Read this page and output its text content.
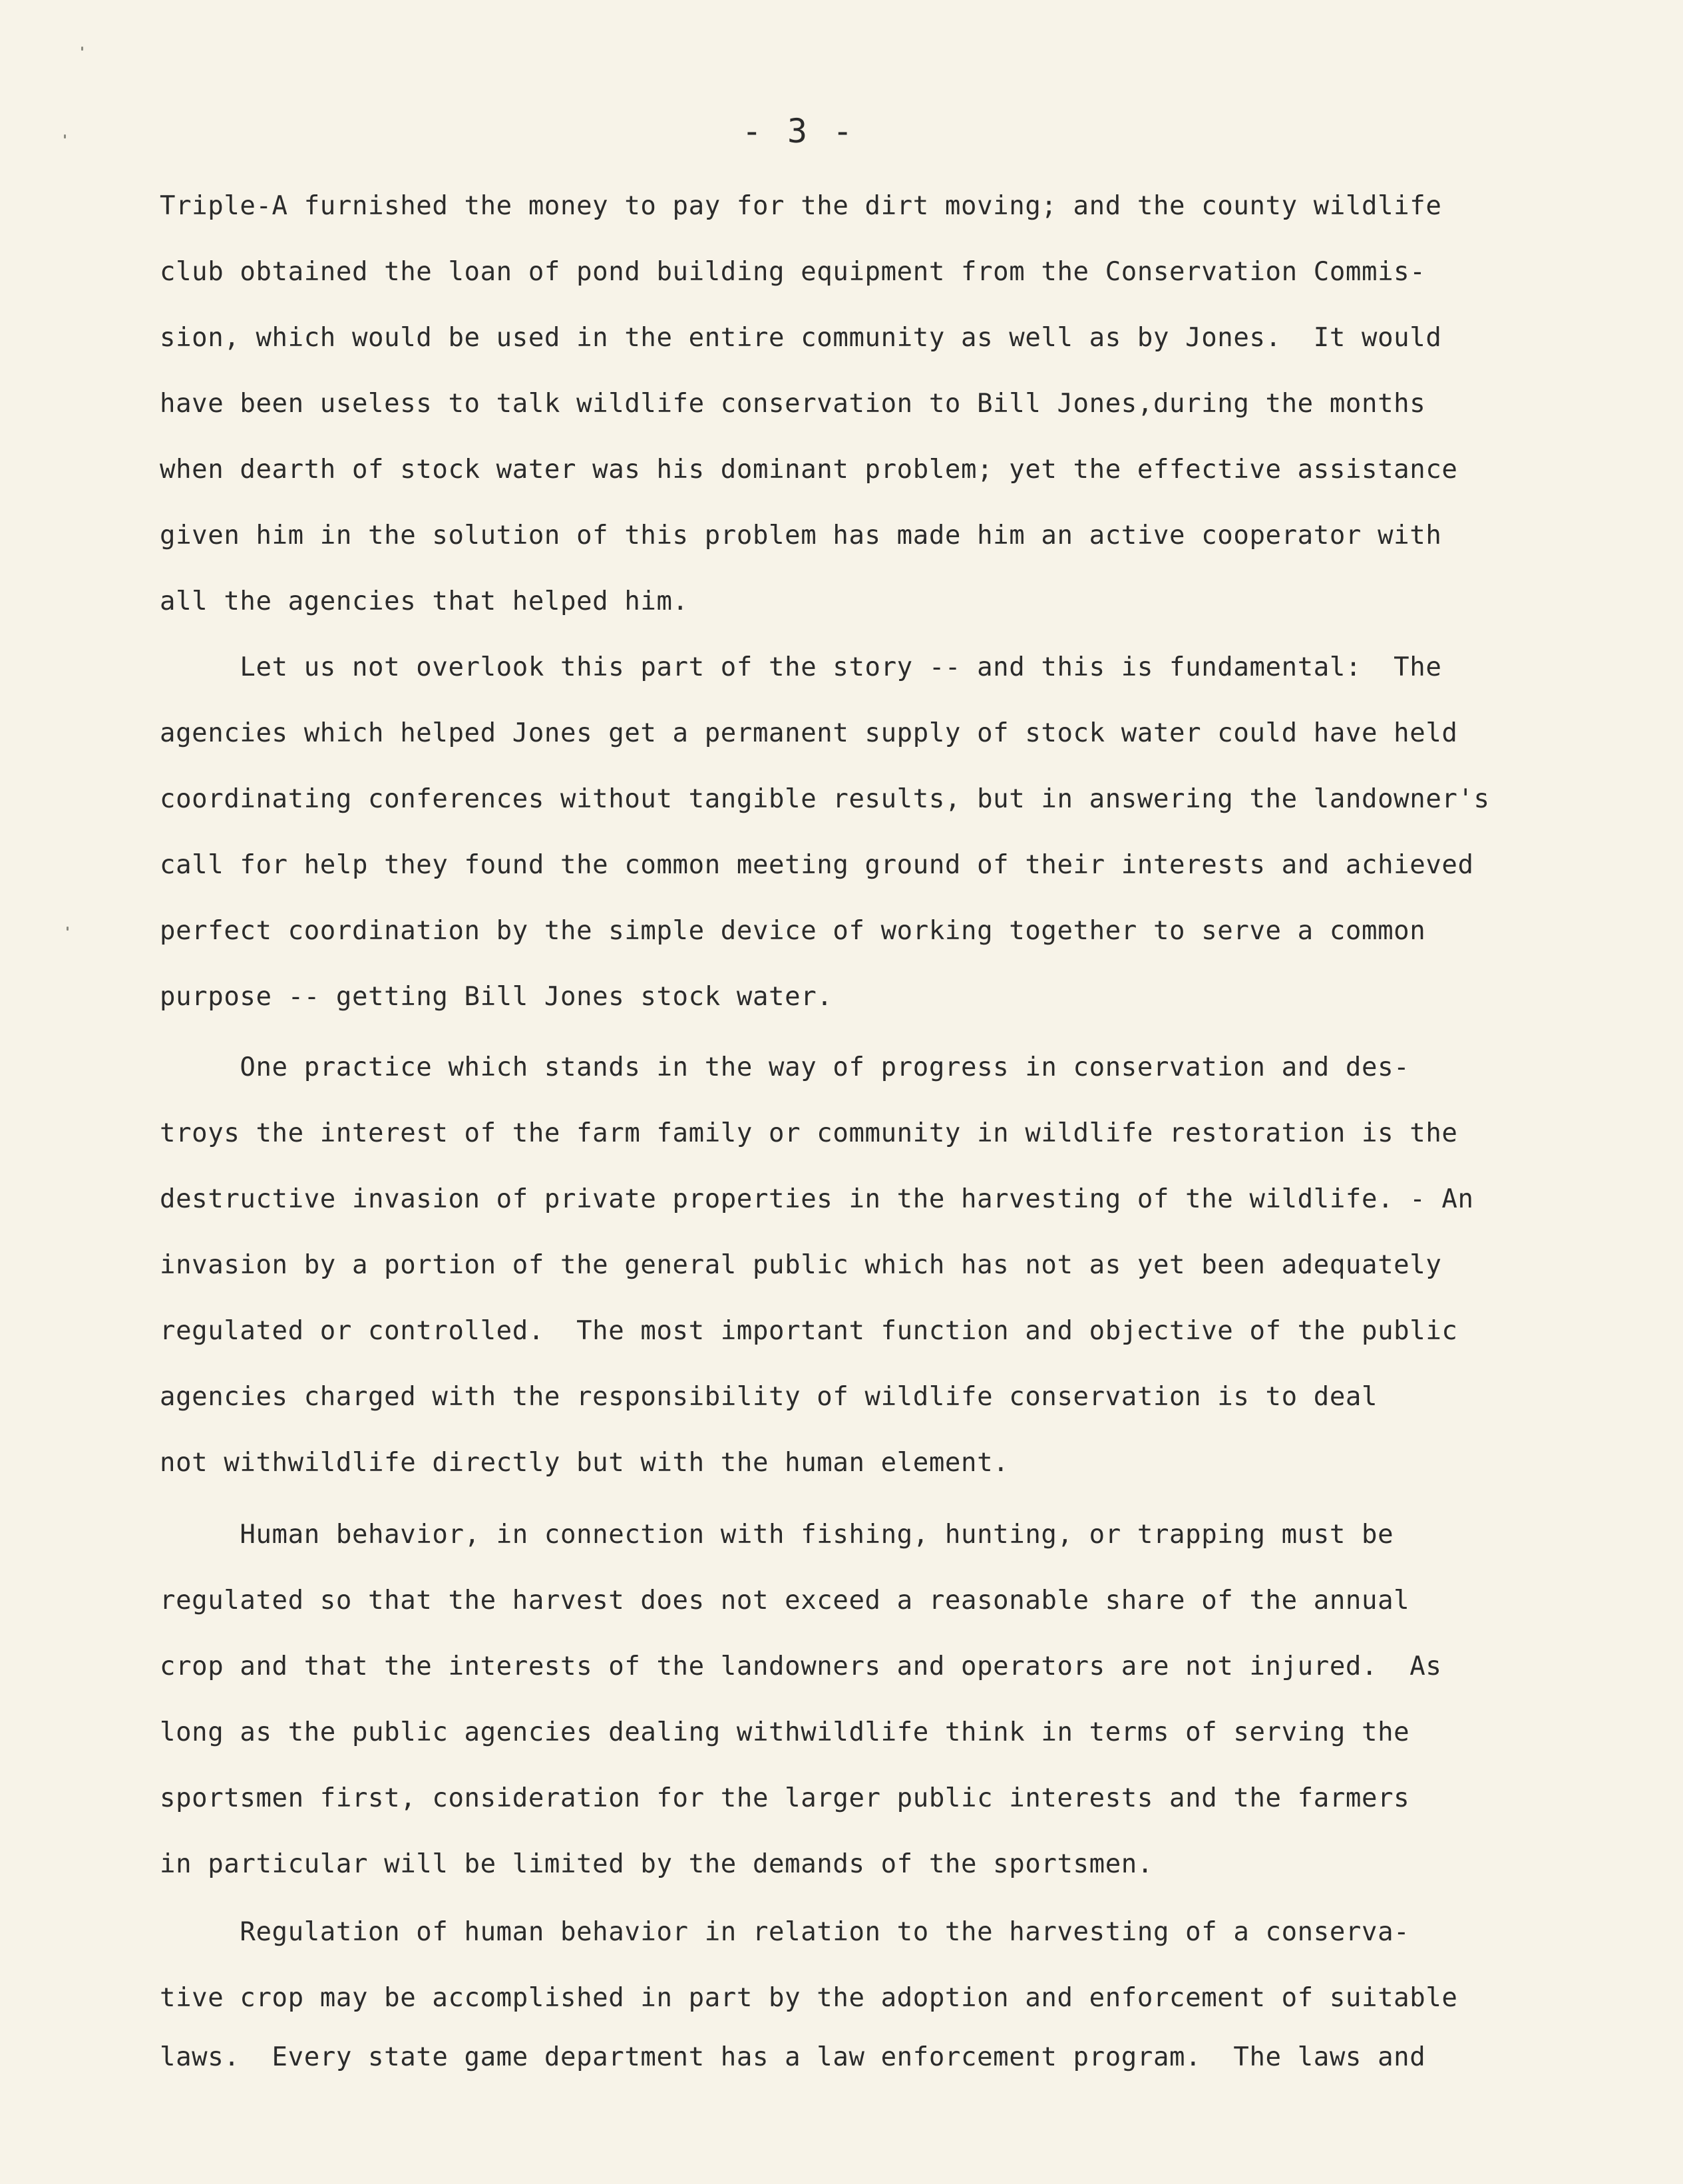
- 3 -
Triple-A furnished the money to pay for the dirt moving; and the county wildlife
club obtained the loan of pond building equipment from the Conservation Commis-
sion, which would be used in the entire community as well as by Jones.  It would
have been useless to talk wildlife conservation to Bill Jones,during the months
when dearth of stock water was his dominant problem; yet the effective assistance
given him in the solution of this problem has made him an active cooperator with
all the agencies that helped him.
Let us not overlook this part of the story -- and this is fundamental:  The
agencies which helped Jones get a permanent supply of stock water could have held
coordinating conferences without tangible results, but in answering the landowner's
call for help they found the common meeting ground of their interests and achieved
perfect coordination by the simple device of working together to serve a common
purpose -- getting Bill Jones stock water.
One practice which stands in the way of progress in conservation and des-
troys the interest of the farm family or community in wildlife restoration is the
destructive invasion of private properties in the harvesting of the wildlife. - An
invasion by a portion of the general public which has not as yet been adequately
regulated or controlled.  The most important function and objective of the public
agencies charged with the responsibility of wildlife conservation is to deal
not withwildlife directly but with the human element.
Human behavior, in connection with fishing, hunting, or trapping must be
regulated so that the harvest does not exceed a reasonable share of the annual
crop and that the interests of the landowners and operators are not injured.  As
long as the public agencies dealing withwildlife think in terms of serving the
sportsmen first, consideration for the larger public interests and the farmers
in particular will be limited by the demands of the sportsmen.
Regulation of human behavior in relation to the harvesting of a conserva-
tive crop may be accomplished in part by the adoption and enforcement of suitable
laws.  Every state game department has a law enforcement program.  The laws and
